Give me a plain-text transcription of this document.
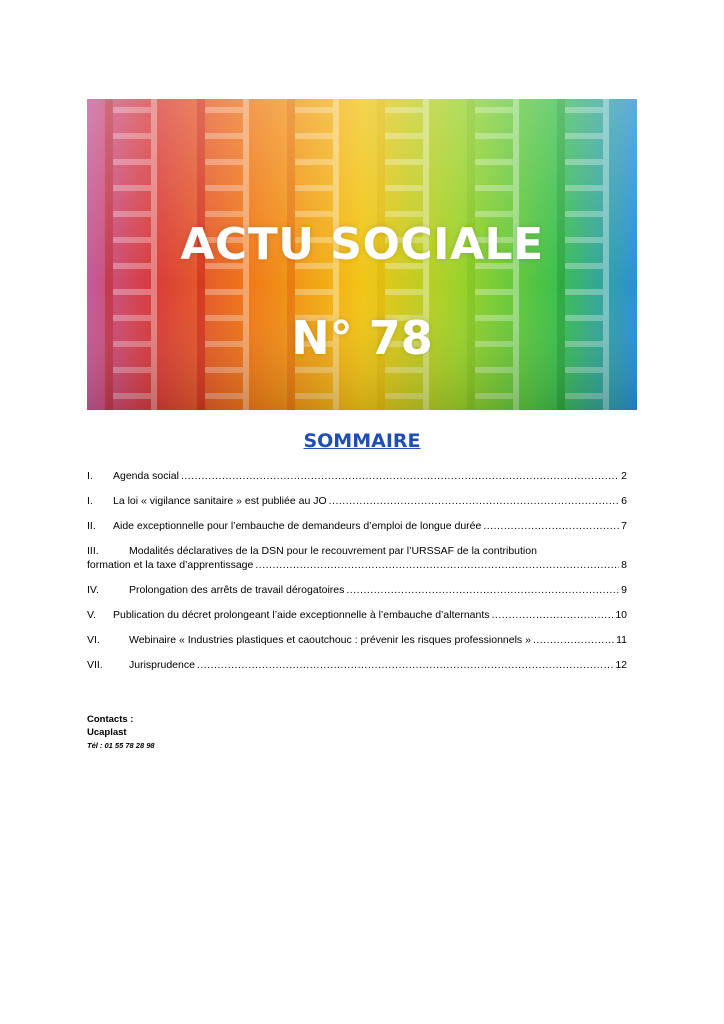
ACTU SOCIALE
N° 78
SOMMAIRE
I.	Agenda social .....	2
I.	La loi « vigilance sanitaire » est publiée au JO .....	6
II.	Aide exceptionnelle pour l’embauche de demandeurs d’emploi de longue durée .....	7
III.	Modalités déclaratives de la DSN pour le recouvrement par l’URSSAF de la contribution
formation et la taxe d’apprentissage .....	8
IV.	Prolongation des arrêts de travail dérogatoires .....	9
V.	Publication du décret prolongeant l’aide exceptionnelle à l’embauche d’alternants .....	10
VI.	Webinaire « Industries plastiques et caoutchouc : prévenir les risques professionnels » .....	11
VII.	Jurisprudence .....	12
Contacts :
Ucaplast
Tél : 01 55 78 28 98
